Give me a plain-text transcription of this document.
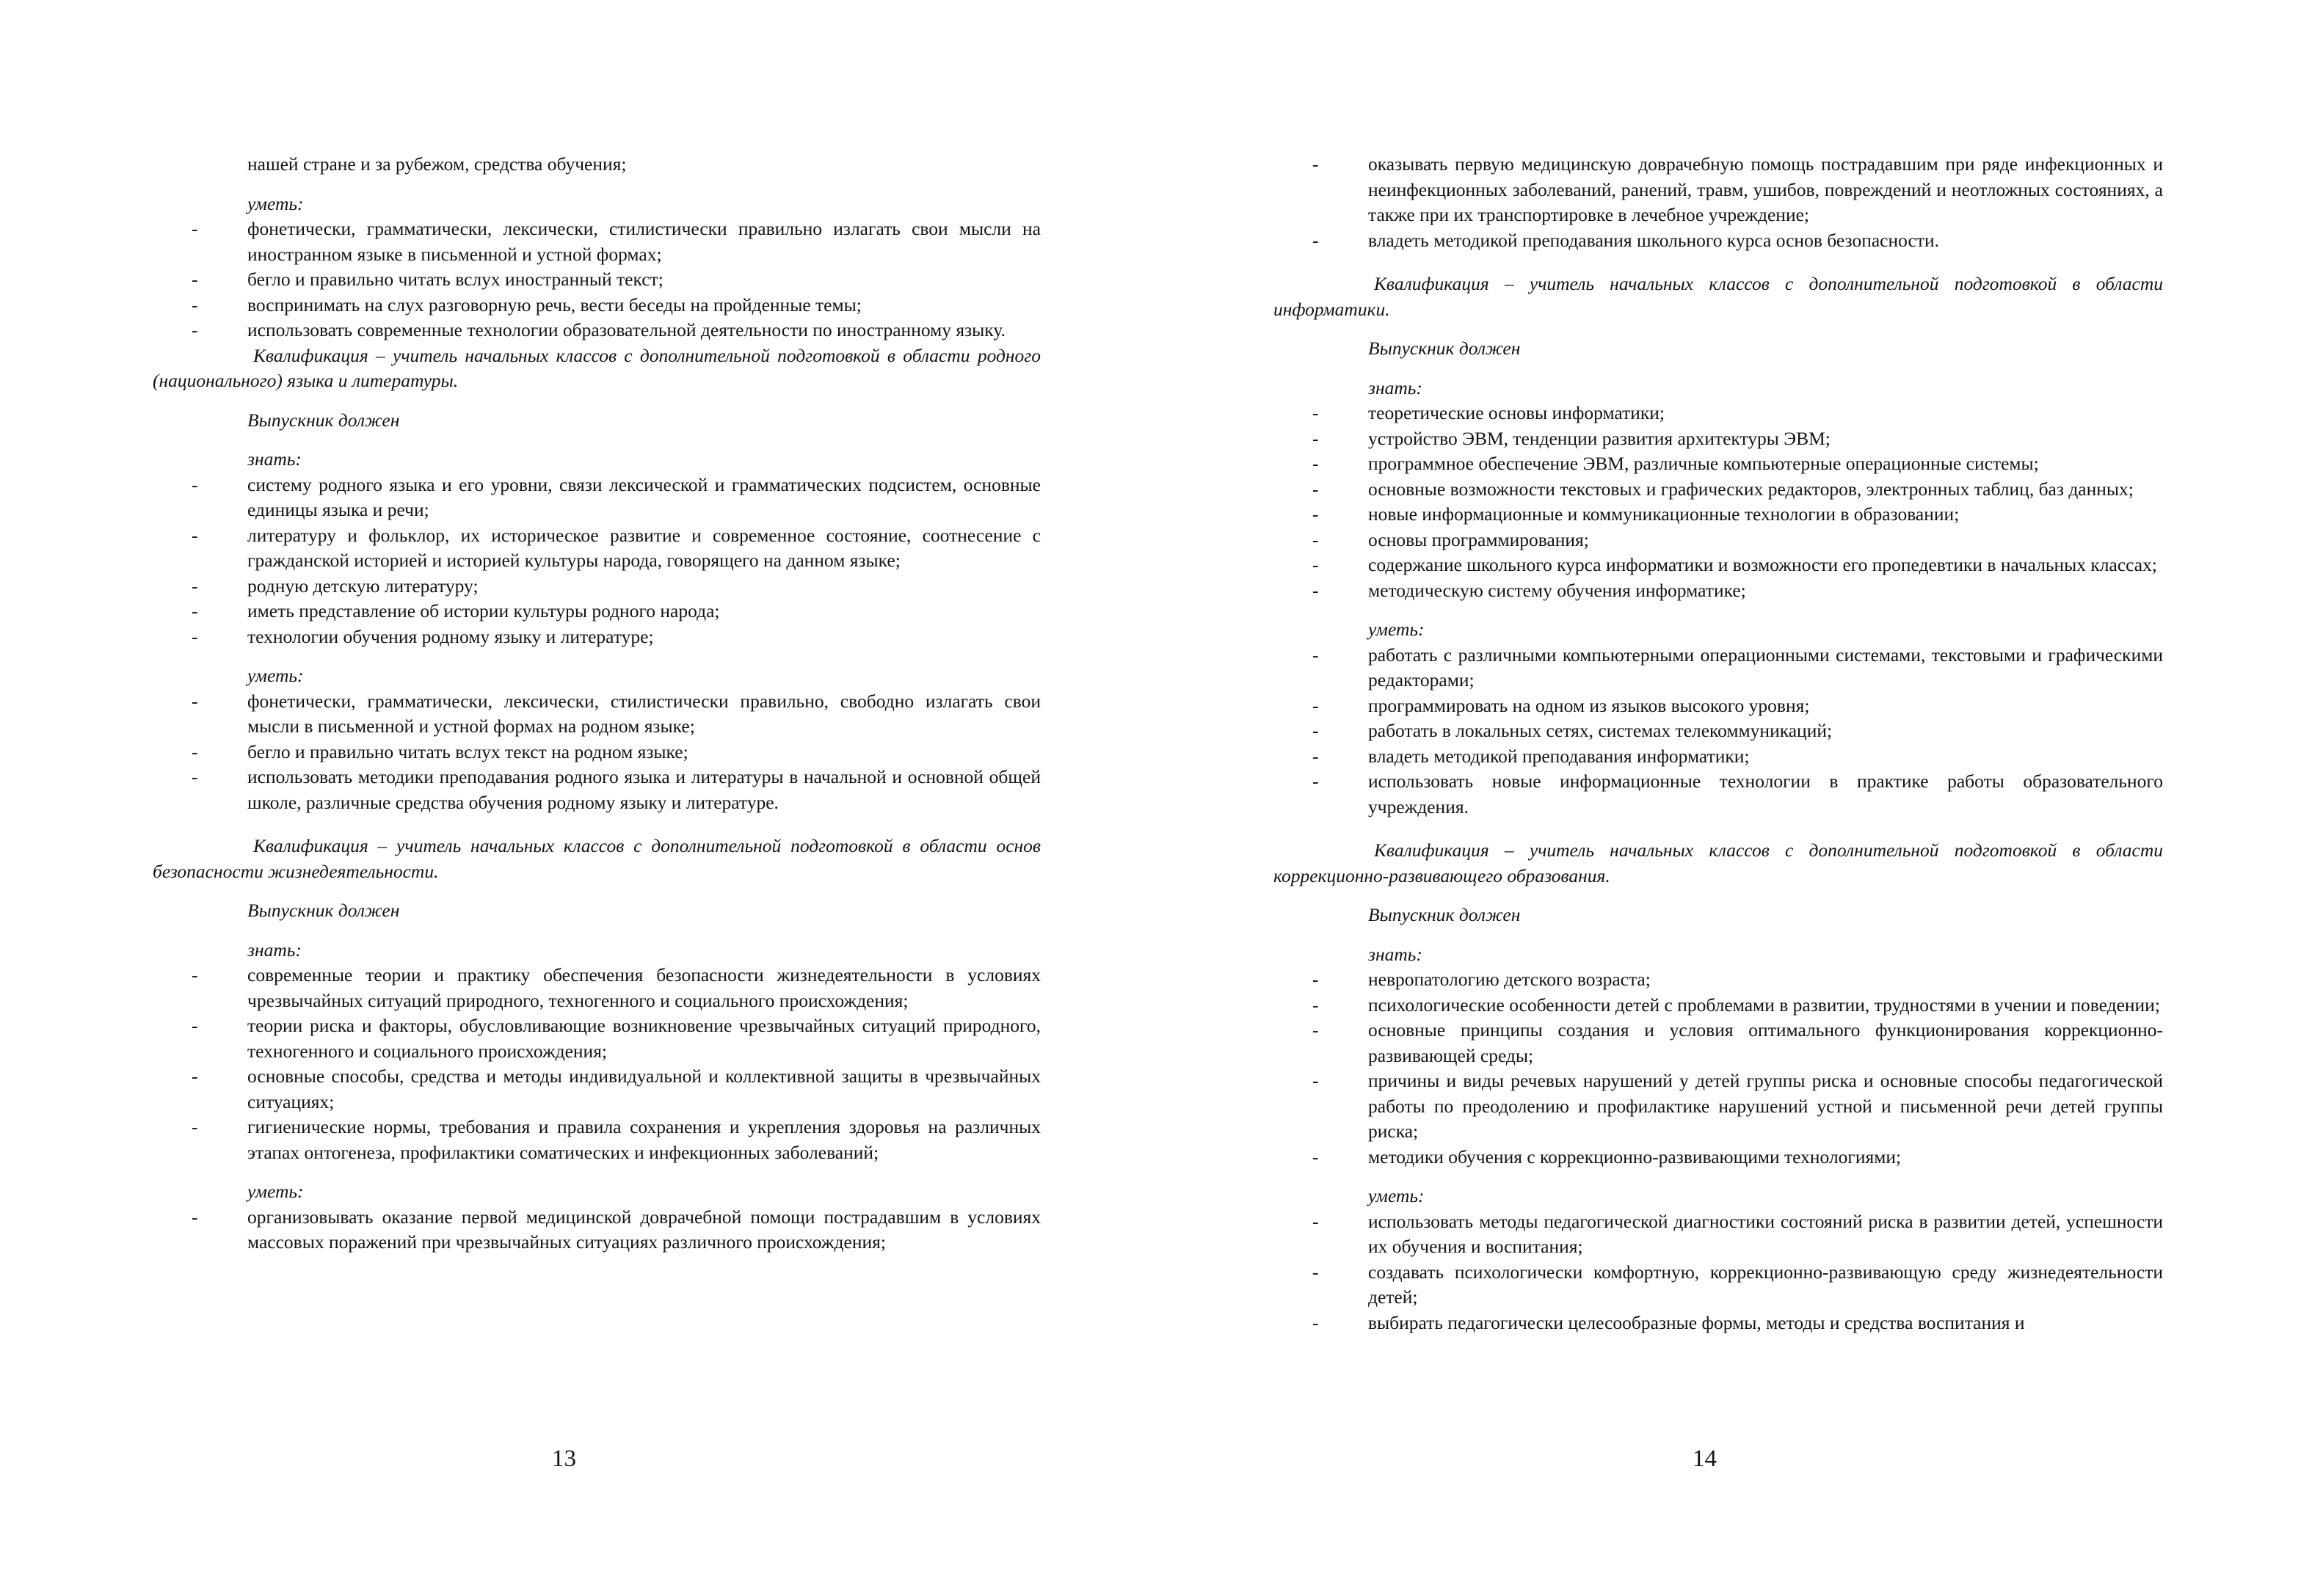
нашей стране и за рубежом, средства обучения;
уметь:
-	фонетически, грамматически, лексически, стилистически правильно излагать свои мысли на иностранном языке в письменной и устной формах;
-	бегло и правильно читать вслух иностранный текст;
-	воспринимать на слух разговорную речь, вести беседы на пройденные темы;
-	использовать современные технологии образовательной деятельности по иностранному языку.
Квалификация – учитель начальных классов с дополнительной подготовкой в области родного (национального) языка и литературы.
Выпускник должен
знать:
-	систему родного языка и его уровни, связи лексической и грамматических подсистем, основные единицы языка и речи;
-	литературу и фольклор, их историческое развитие и современное состояние, соотнесение с гражданской историей и историей культуры народа, говорящего на данном языке;
-	родную детскую литературу;
-	иметь представление об истории культуры родного народа;
-	технологии обучения родному языку и литературе;
уметь:
-	фонетически, грамматически, лексически, стилистически правильно, свободно излагать свои мысли в письменной и устной формах на родном языке;
-	бегло и правильно читать вслух текст на родном языке;
-	использовать методики преподавания родного языка и литературы в начальной и основной общей школе, различные средства обучения родному языку и литературе.
Квалификация – учитель начальных классов с дополнительной подготовкой в области основ безопасности жизнедеятельности.
Выпускник должен
знать:
-	современные теории и практику обеспечения безопасности жизнедеятельности в условиях чрезвычайных ситуаций природного, техногенного и социального происхождения;
-	теории риска и факторы, обусловливающие возникновение чрезвычайных ситуаций природного, техногенного и социального происхождения;
-	основные способы, средства и методы индивидуальной и коллективной защиты в чрезвычайных ситуациях;
-	гигиенические нормы, требования и правила сохранения и укрепления здоровья на различных этапах онтогенеза, профилактики соматических и инфекционных заболеваний;
уметь:
-	организовывать оказание первой медицинской доврачебной помощи пострадавшим в условиях массовых поражений при чрезвычайных ситуациях различного происхождения;
13
-	оказывать первую медицинскую доврачебную помощь пострадавшим при ряде инфекционных и неинфекционных заболеваний, ранений, травм, ушибов, повреждений и неотложных состояниях, а также при их транспортировке в лечебное учреждение;
-	владеть методикой преподавания школьного курса основ безопасности.
Квалификация – учитель начальных классов с дополнительной подготовкой в области информатики.
Выпускник должен
знать:
-	теоретические основы информатики;
-	устройство ЭВМ, тенденции развития архитектуры ЭВМ;
-	программное обеспечение ЭВМ, различные компьютерные операционные системы;
-	основные возможности текстовых и графических редакторов, электронных таблиц, баз данных;
-	новые информационные и коммуникационные технологии в образовании;
-	основы программирования;
-	содержание школьного курса информатики и возможности его пропедевтики в начальных классах;
-	методическую систему обучения информатике;
уметь:
-	работать с различными компьютерными операционными системами, текстовыми и графическими редакторами;
-	программировать на одном из языков высокого уровня;
-	работать в локальных сетях, системах телекоммуникаций;
-	владеть методикой преподавания информатики;
-	использовать новые информационные технологии в практике работы образовательного учреждения.
Квалификация – учитель начальных классов с дополнительной подготовкой в области коррекционно-развивающего образования.
Выпускник должен
знать:
-	невропатологию детского возраста;
-	психологические особенности детей с проблемами в развитии, трудностями в учении и поведении;
-	основные принципы создания и условия оптимального функционирования коррекционно-развивающей среды;
-	причины и виды речевых нарушений у детей группы риска и основные способы педагогической работы по преодолению и профилактике нарушений устной и письменной речи детей группы риска;
-	методики обучения с коррекционно-развивающими технологиями;
уметь:
-	использовать методы педагогической диагностики состояний риска в развитии детей, успешности их обучения и воспитания;
-	создавать психологически комфортную, коррекционно-развивающую среду жизнедеятельности детей;
-	выбирать педагогически целесообразные формы, методы и средства воспитания и
14
